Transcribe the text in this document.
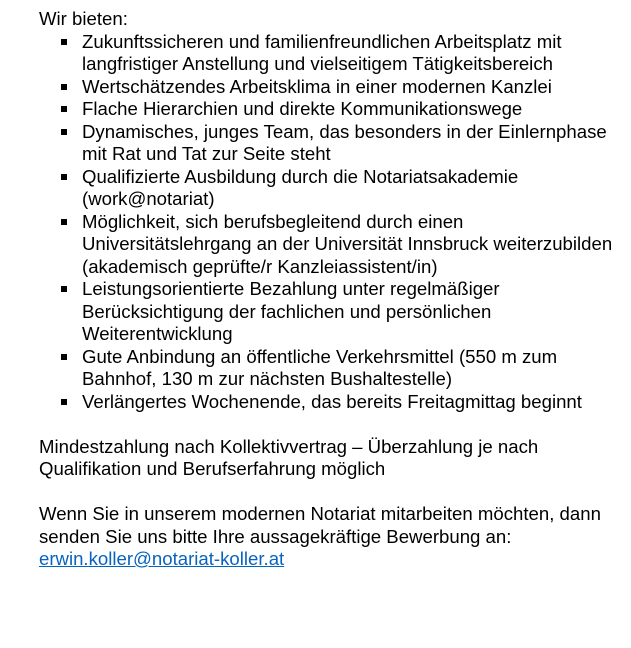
Wir bieten:

Zukunftssicheren und familienfreundlichen Arbeitsplatz mit langfristiger Anstellung und vielseitigem Tätigkeitsbereich
Wertschätzendes Arbeitsklima in einer modernen Kanzlei
Flache Hierarchien und direkte Kommunikationswege
Dynamisches, junges Team, das besonders in der Einlernphase mit Rat und Tat zur Seite steht
Qualifizierte Ausbildung durch die Notariatsakademie (work@notariat)
Möglichkeit, sich berufsbegleitend durch einen Universitätslehrgang an der Universität Innsbruck weiterzubilden (akademisch geprüfte/r Kanzleiassistent/in)
Leistungsorientierte Bezahlung unter regelmäßiger Berücksichtigung der fachlichen und persönlichen Weiterentwicklung
Gute Anbindung an öffentliche Verkehrsmittel (550 m zum Bahnhof, 130 m zur nächsten Bushaltestelle)
Verlängertes Wochenende, das bereits Freitagmittag beginnt

Mindestzahlung nach Kollektivvertrag – Überzahlung je nach Qualifikation und Berufserfahrung möglich

Wenn Sie in unserem modernen Notariat mitarbeiten möchten, dann senden Sie uns bitte Ihre aussagekräftige Bewerbung an:
erwin.koller@notariat-koller.at
